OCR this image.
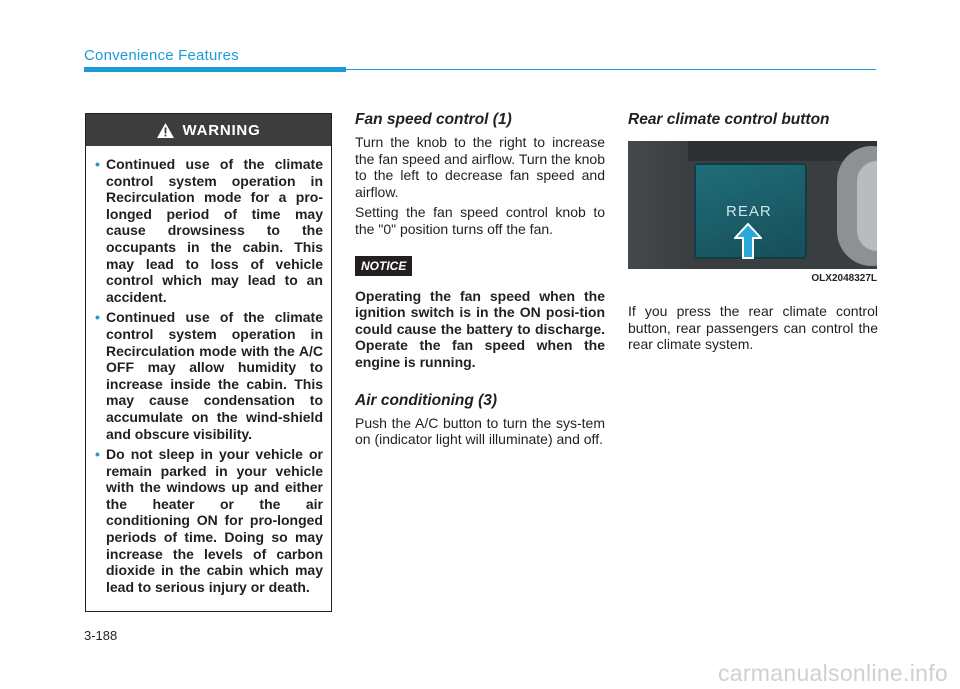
Convenience Features
WARNING
• Continued use of the climate control system operation in Recirculation mode for a pro-longed period of time may cause drowsiness to the occupants in the cabin. This may lead to loss of vehicle control which may lead to an accident.
• Continued use of the climate control system operation in Recirculation mode with the A/C OFF may allow humidity to increase inside the cabin. This may cause condensation to accumulate on the wind-shield and obscure visibility.
• Do not sleep in your vehicle or remain parked in your vehicle with the windows up and either the heater or the air conditioning ON for pro-longed periods of time. Doing so may increase the levels of carbon dioxide in the cabin which may lead to serious injury or death.
Fan speed control (1)

Turn the knob to the right to increase the fan speed and airflow. Turn the knob to the left to decrease fan speed and airflow.

Setting the fan speed control knob to the "0" position turns off the fan.

NOTICE

Operating the fan speed when the ignition switch is in the ON posi-tion could cause the battery to discharge. Operate the fan speed when the engine is running.

Air conditioning (3)

Push the A/C button to turn the sys-tem on (indicator light will illuminate) and off.

Rear climate control button
REAR
OLX2048327L

If you press the rear climate control button, rear passengers can control the rear climate system.

3-188
carmanualsonline.info
